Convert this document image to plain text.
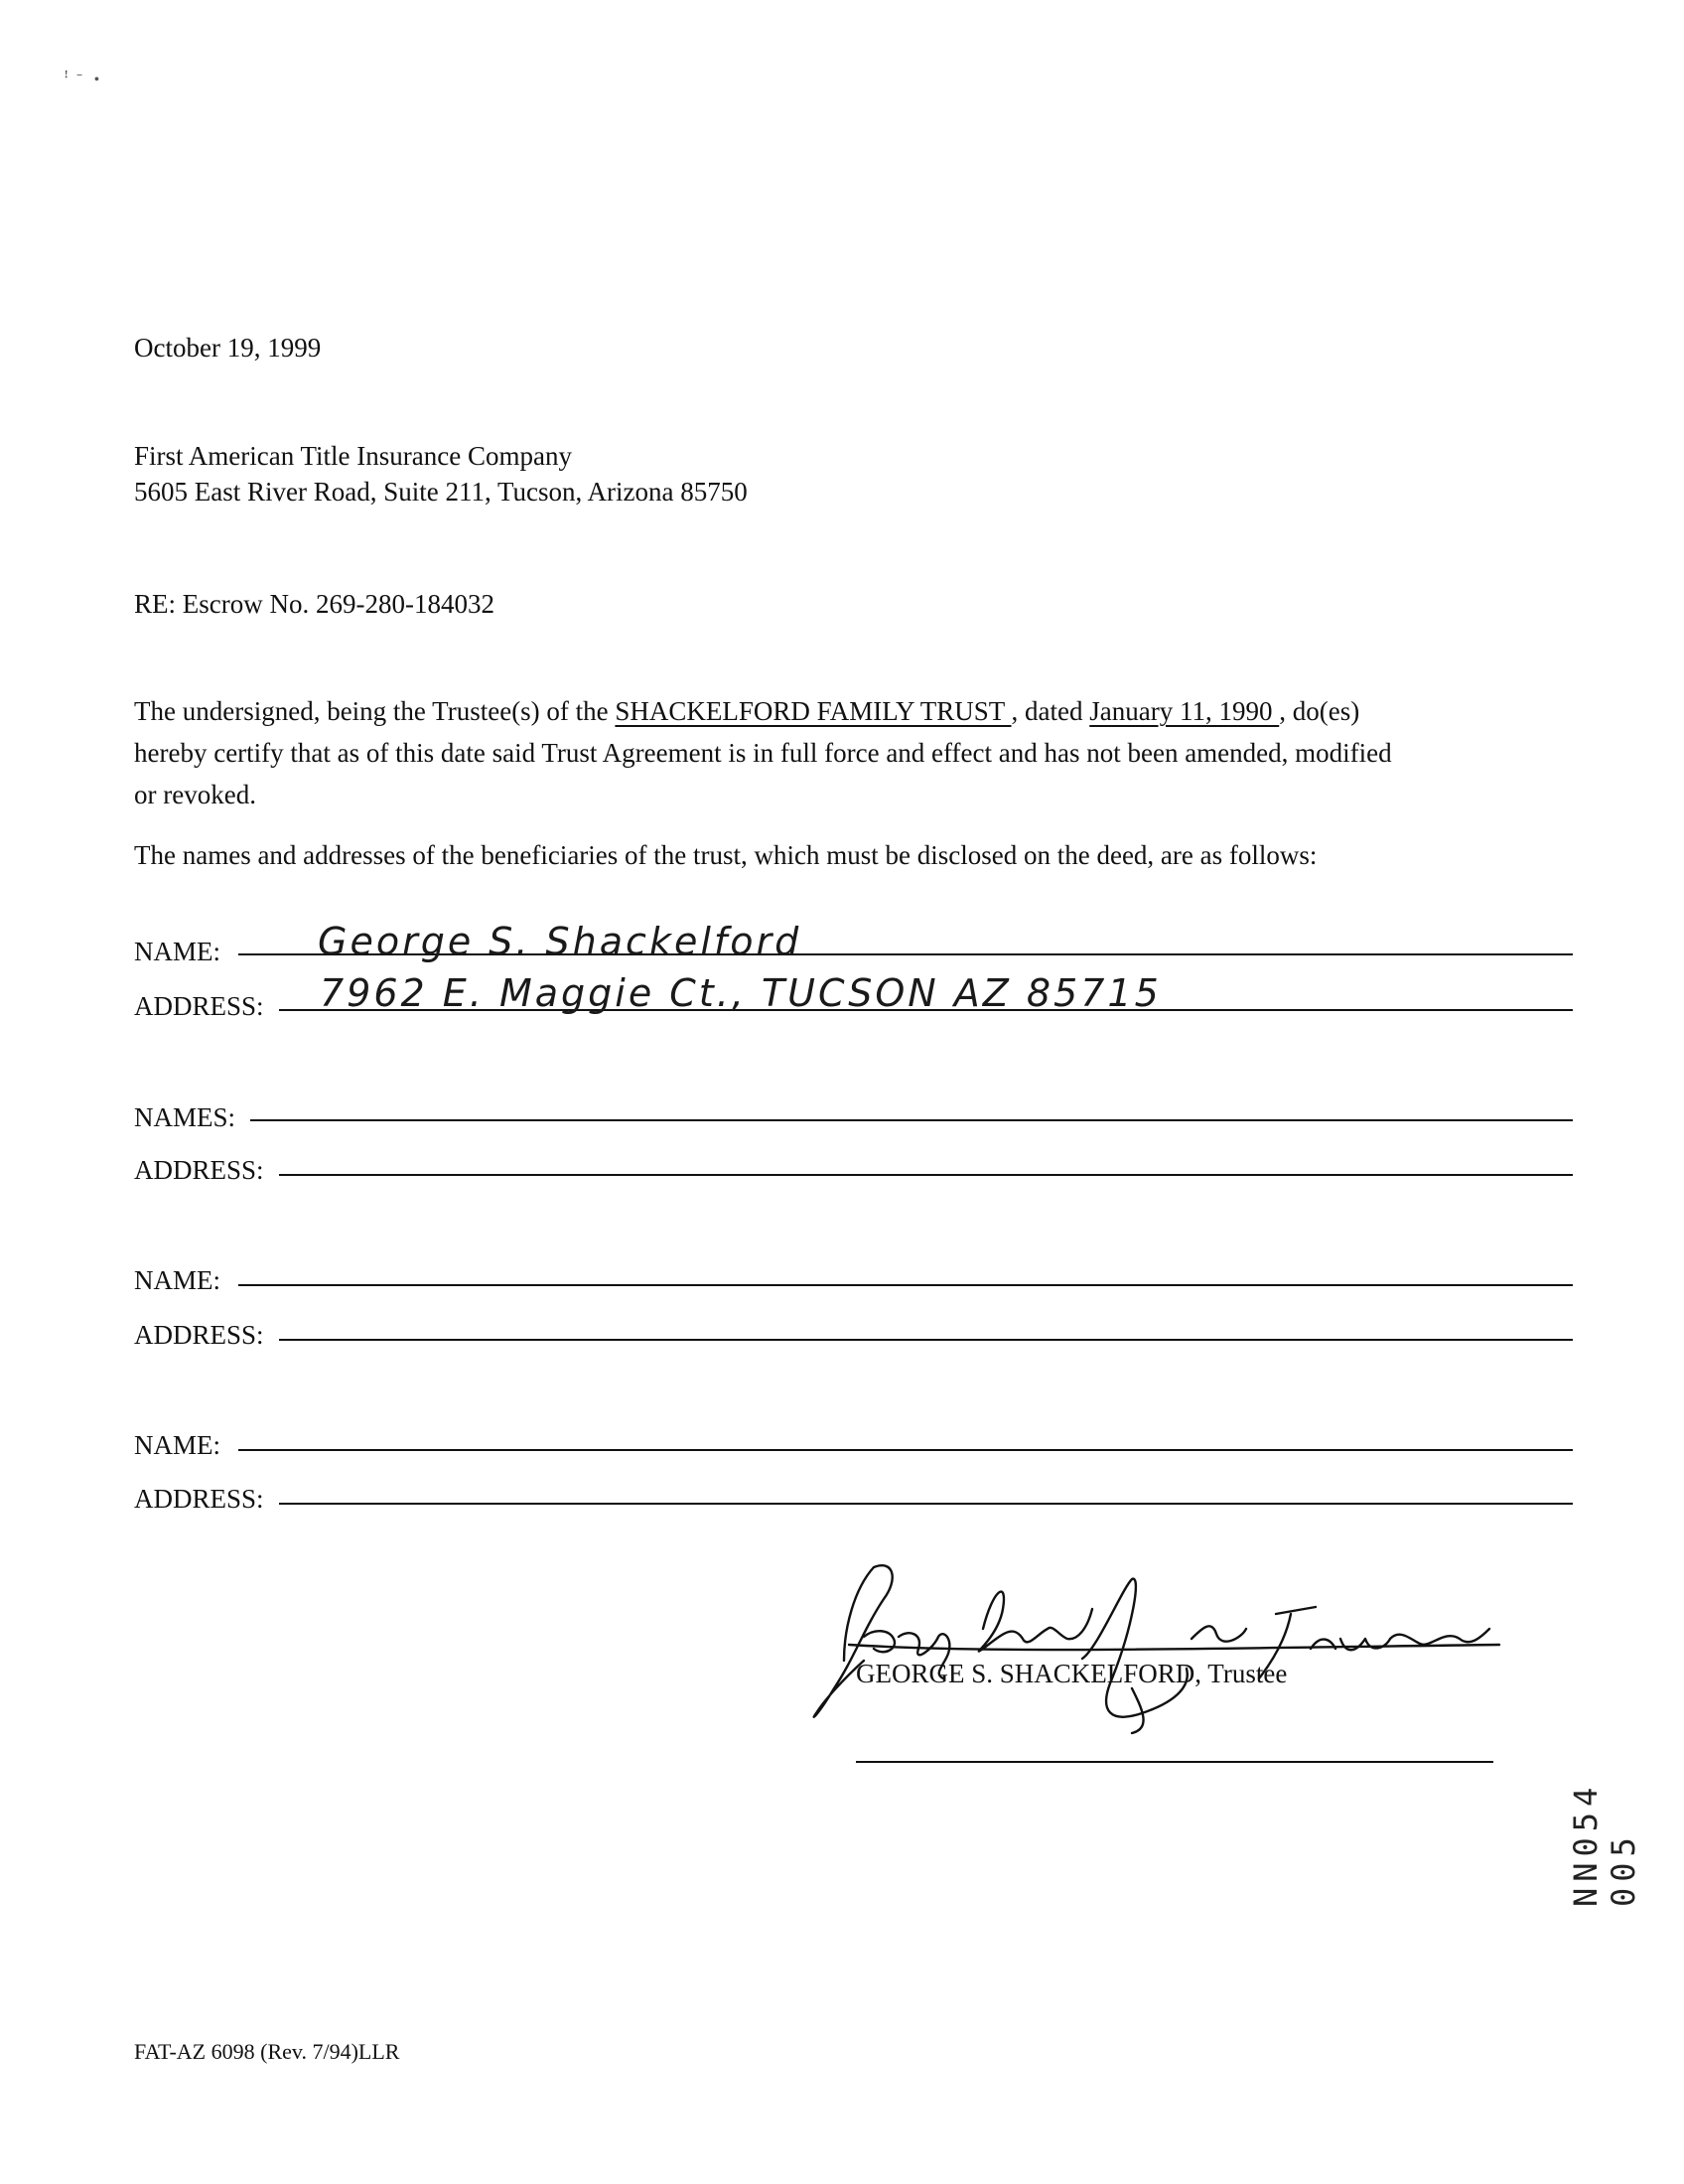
ꜝ  ˉ   •
October 19, 1999
First American Title Insurance Company
5605 East River Road, Suite 211, Tucson, Arizona 85750
RE: Escrow No. 269-280-184032
The undersigned, being the Trustee(s) of the SHACKELFORD FAMILY TRUST , dated January 11, 1990 , do(es)
hereby certify that as of this date said Trust Agreement is in full force and effect and has not been amended, modified
or revoked.
The names and addresses of the beneficiaries of the trust, which must be disclosed on the deed, are as follows:
NAME:	George S. Shackelford
ADDRESS: 7962 E. Maggie Ct., TUCSON AZ 85715
NAMES:
ADDRESS:
NAME:
ADDRESS:
NAME:
ADDRESS:
GEORGE S. SHACKELFORD, Trustee
NN054 005
FAT-AZ 6098 (Rev. 7/94)LLR
